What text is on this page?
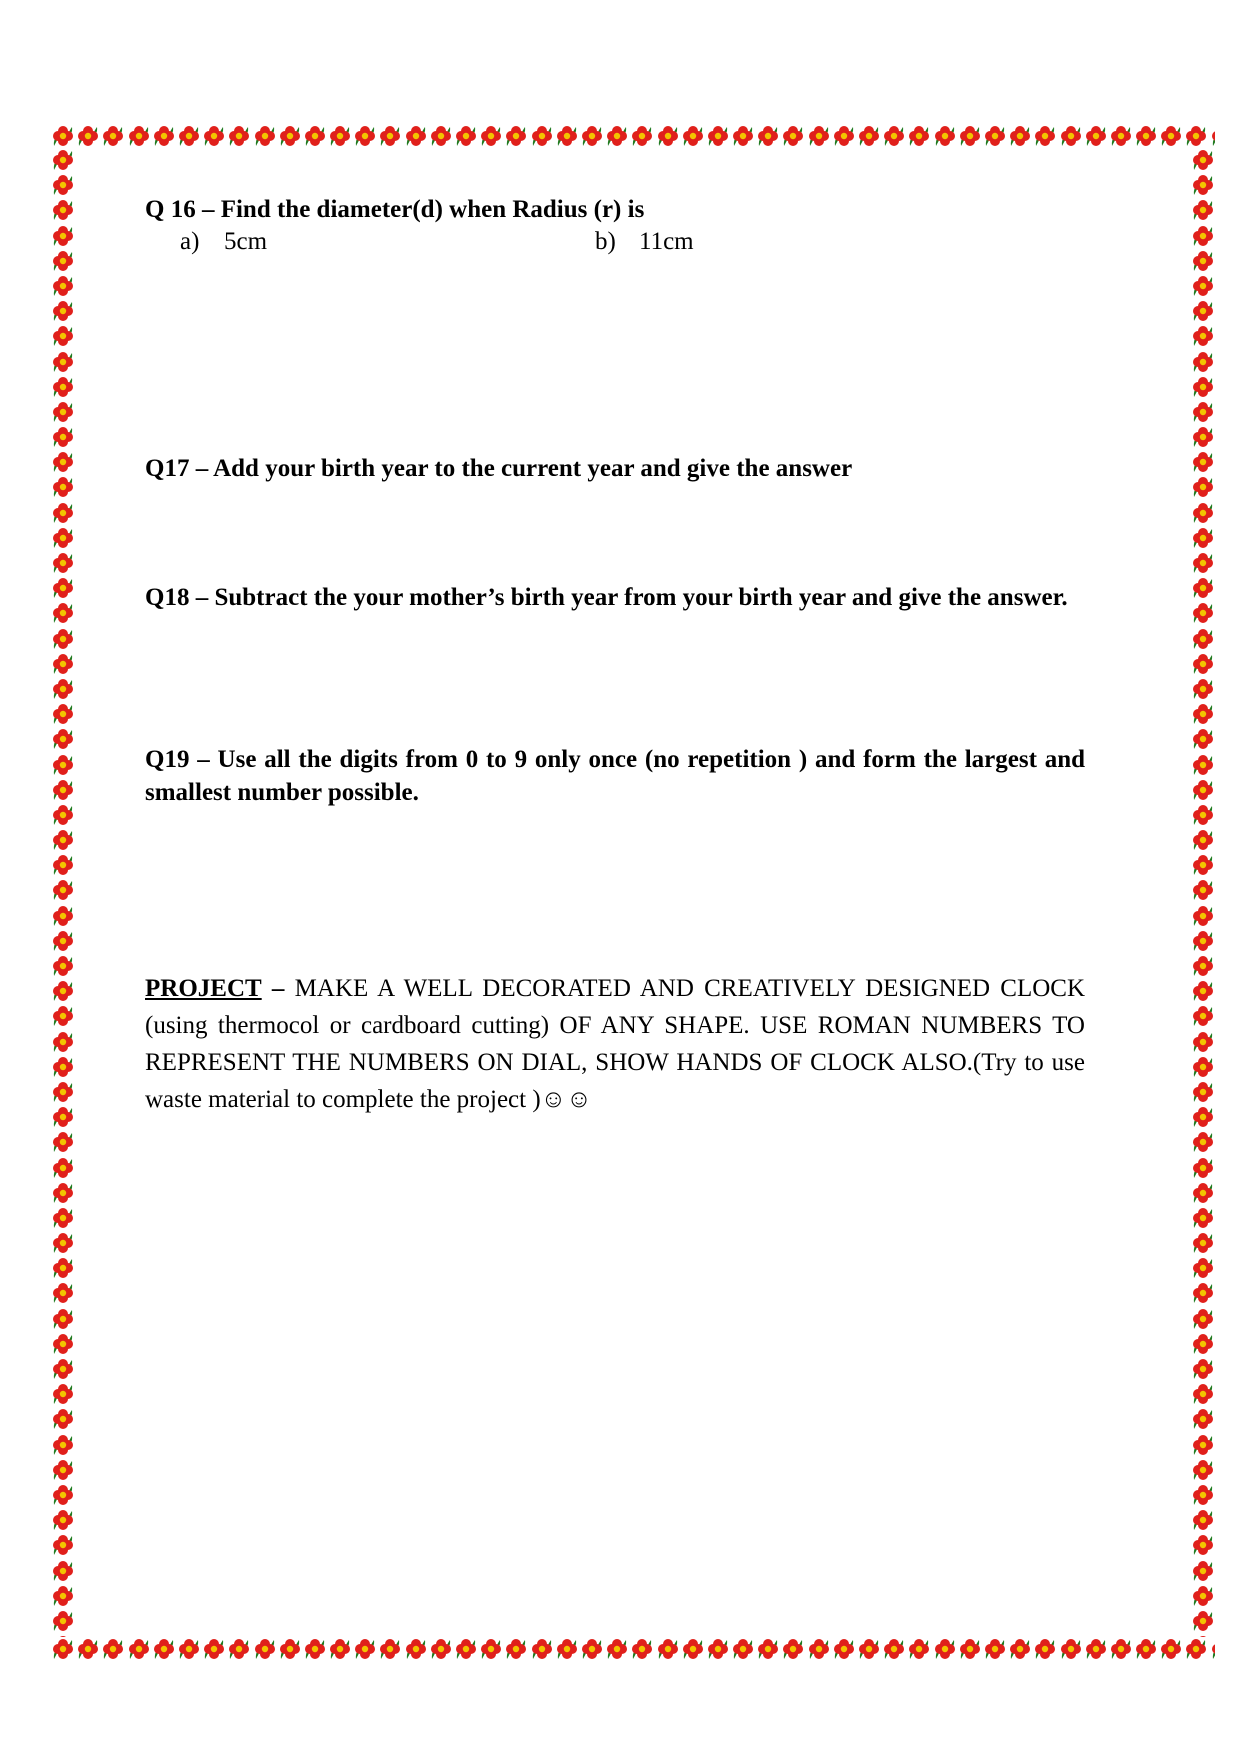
Q 16 – Find the diameter(d) when Radius (r) is

a) 5cm	b) 11cm

Q17 – Add your birth year to the current year and give the answer

Q18 – Subtract the your mother’s birth year from your birth year and give the answer.

Q19 – Use all the digits from 0 to 9 only once (no repetition ) and form the largest and smallest number possible.

PROJECT – MAKE A WELL DECORATED AND CREATIVELY DESIGNED CLOCK (using thermocol or cardboard cutting) OF ANY SHAPE. USE ROMAN NUMBERS TO REPRESENT THE NUMBERS ON DIAL, SHOW HANDS OF CLOCK ALSO.(Try to use waste material to complete the project )☺☺
